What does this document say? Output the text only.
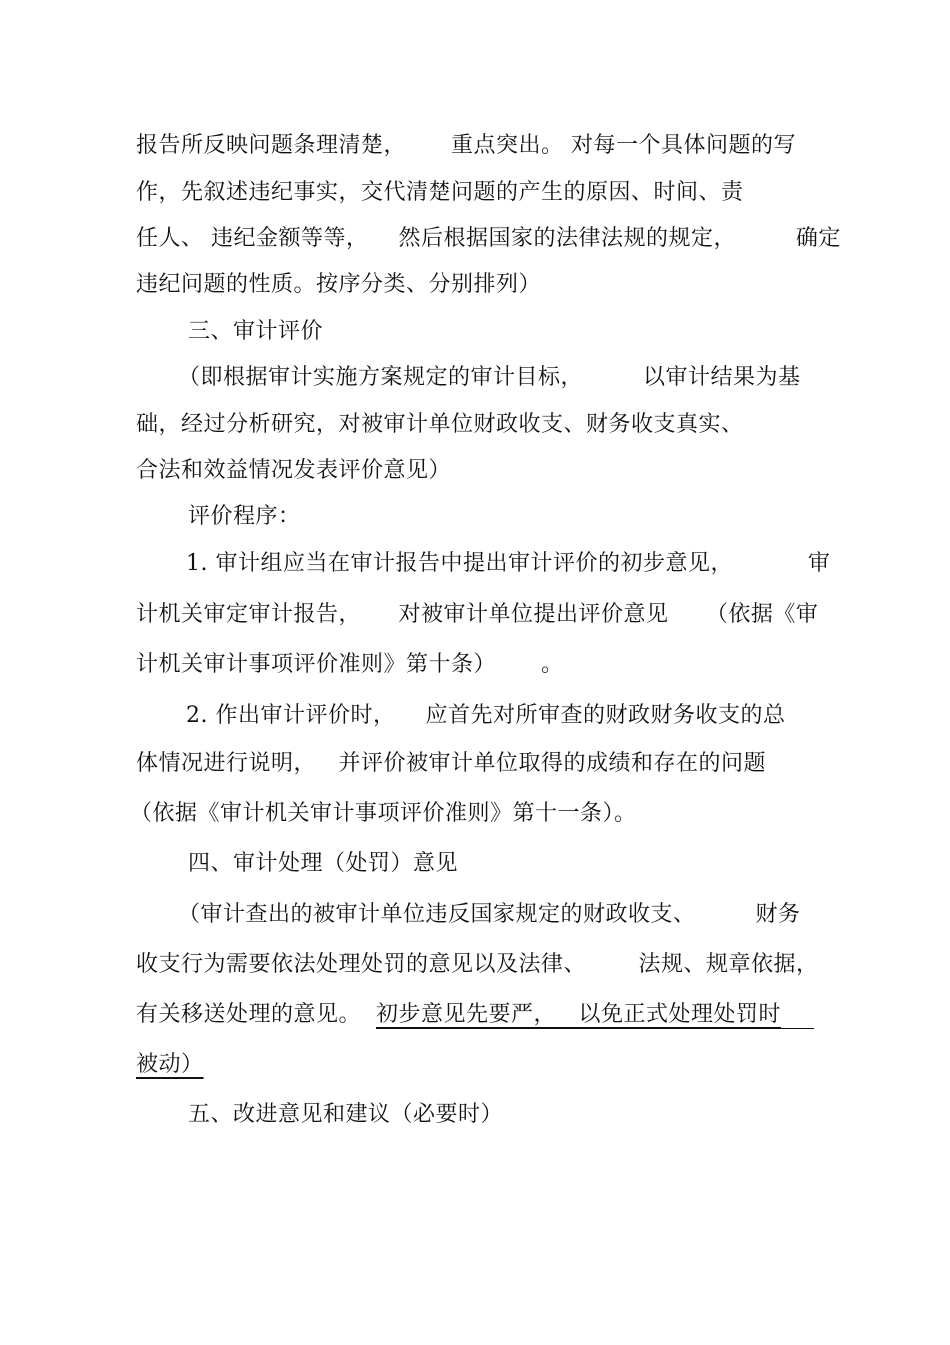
报告所反映问题条理清楚，      重点突出。 对每一个具体问题的写
作，先叙述违纪事实，交代清楚问题的产生的原因、时间、责
任人、 违纪金额等等，    然后根据国家的法律法规的规定，        确定
违纪问题的性质。按序分类、分别排列）
三、审计评价
（即根据审计实施方案规定的审计目标，        以审计结果为基
础，经过分析研究，对被审计单位财政收支、财务收支真实、
合法和效益情况发表评价意见）
评价程序：
1. 审计组应当在审计报告中提出审计评价的初步意见，          审
计机关审定审计报告，     对被审计单位提出评价意见     （依据《审
计机关审计事项评价准则》第十条）      。
2. 作出审计评价时，    应首先对所审查的财政财务收支的总
体情况进行说明，   并评价被审计单位取得的成绩和存在的问题
（依据《审计机关审计事项评价准则》第十一条）。
四、审计处理（处罚）意见
（审计查出的被审计单位违反国家规定的财政收支、        财务
收支行为需要依法处理处罚的意见以及法律、       法规、规章依据，
有关移送处理的意见。  初步意见先要严，   以免正式处理处罚时
被动）
五、改进意见和建议（必要时）
